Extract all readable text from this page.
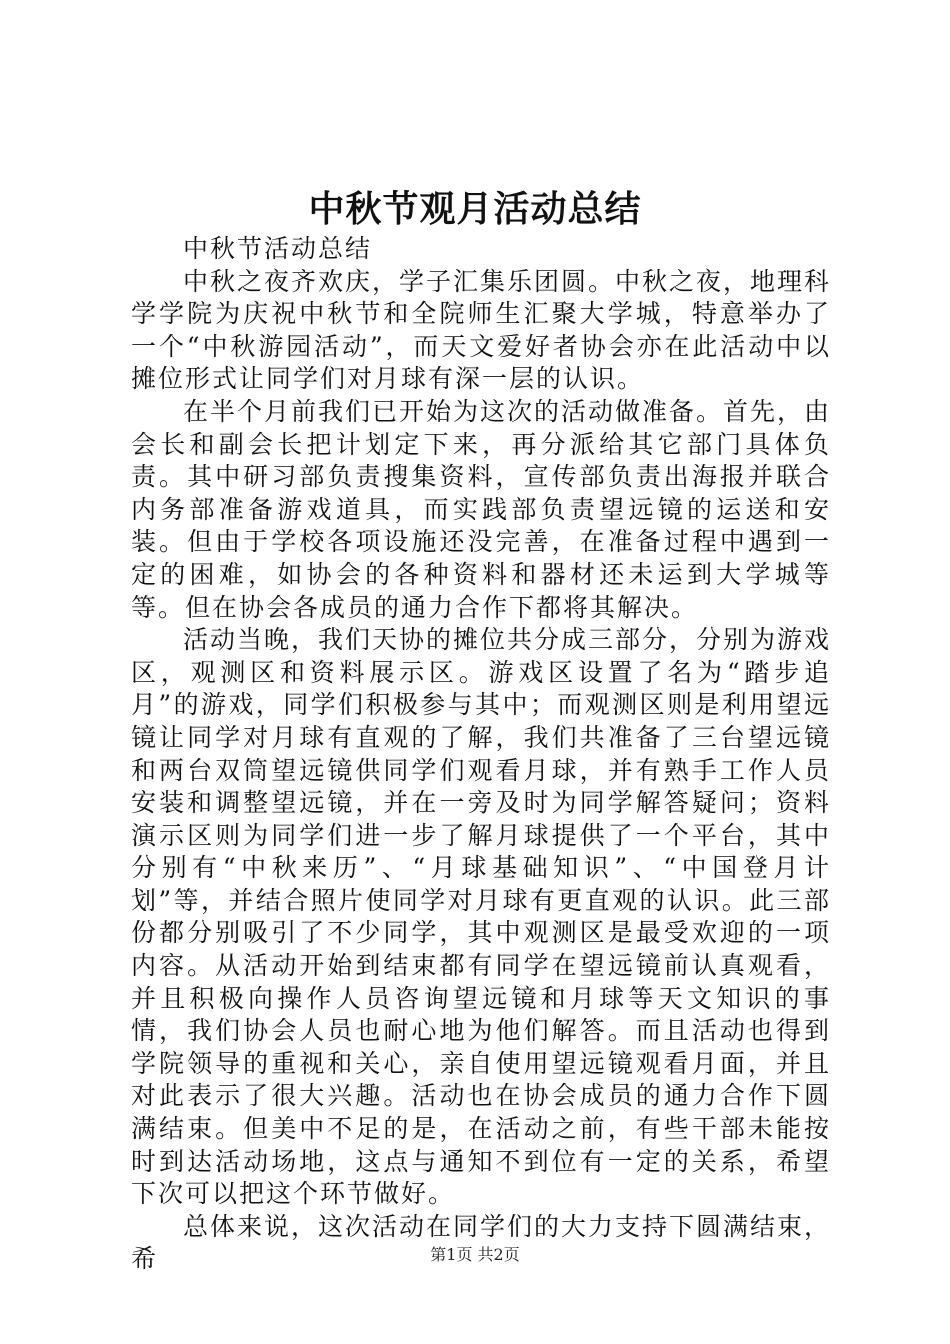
中秋节观月活动总结

中秋节活动总结

中秋之夜齐欢庆，学子汇集乐团圆。中秋之夜，地理科学学院为庆祝中秋节和全院师生汇聚大学城，特意举办了一个“中秋游园活动”，而天文爱好者协会亦在此活动中以摊位形式让同学们对月球有深一层的认识。

在半个月前我们已开始为这次的活动做准备。首先，由会长和副会长把计划定下来，再分派给其它部门具体负责。其中研习部负责搜集资料，宣传部负责出海报并联合内务部准备游戏道具，而实践部负责望远镜的运送和安装。但由于学校各项设施还没完善，在准备过程中遇到一定的困难，如协会的各种资料和器材还未运到大学城等等。但在协会各成员的通力合作下都将其解决。

活动当晚，我们天协的摊位共分成三部分，分别为游戏区，观测区和资料展示区。游戏区设置了名为“踏步追月”的游戏，同学们积极参与其中；而观测区则是利用望远镜让同学对月球有直观的了解，我们共准备了三台望远镜和两台双筒望远镜供同学们观看月球，并有熟手工作人员安装和调整望远镜，并在一旁及时为同学解答疑问；资料演示区则为同学们进一步了解月球提供了一个平台，其中分别有“中秋来历”、“月球基础知识”、“中国登月计划”等，并结合照片使同学对月球有更直观的认识。此三部份都分别吸引了不少同学，其中观测区是最受欢迎的一项内容。从活动开始到结束都有同学在望远镜前认真观看，并且积极向操作人员咨询望远镜和月球等天文知识的事情，我们协会人员也耐心地为他们解答。而且活动也得到学院领导的重视和关心，亲自使用望远镜观看月面，并且对此表示了很大兴趣。活动也在协会成员的通力合作下圆满结束。但美中不足的是，在活动之前，有些干部未能按时到达活动场地，这点与通知不到位有一定的关系，希望下次可以把这个环节做好。

总体来说，这次活动在同学们的大力支持下圆满结束，希	第1页 共2页
